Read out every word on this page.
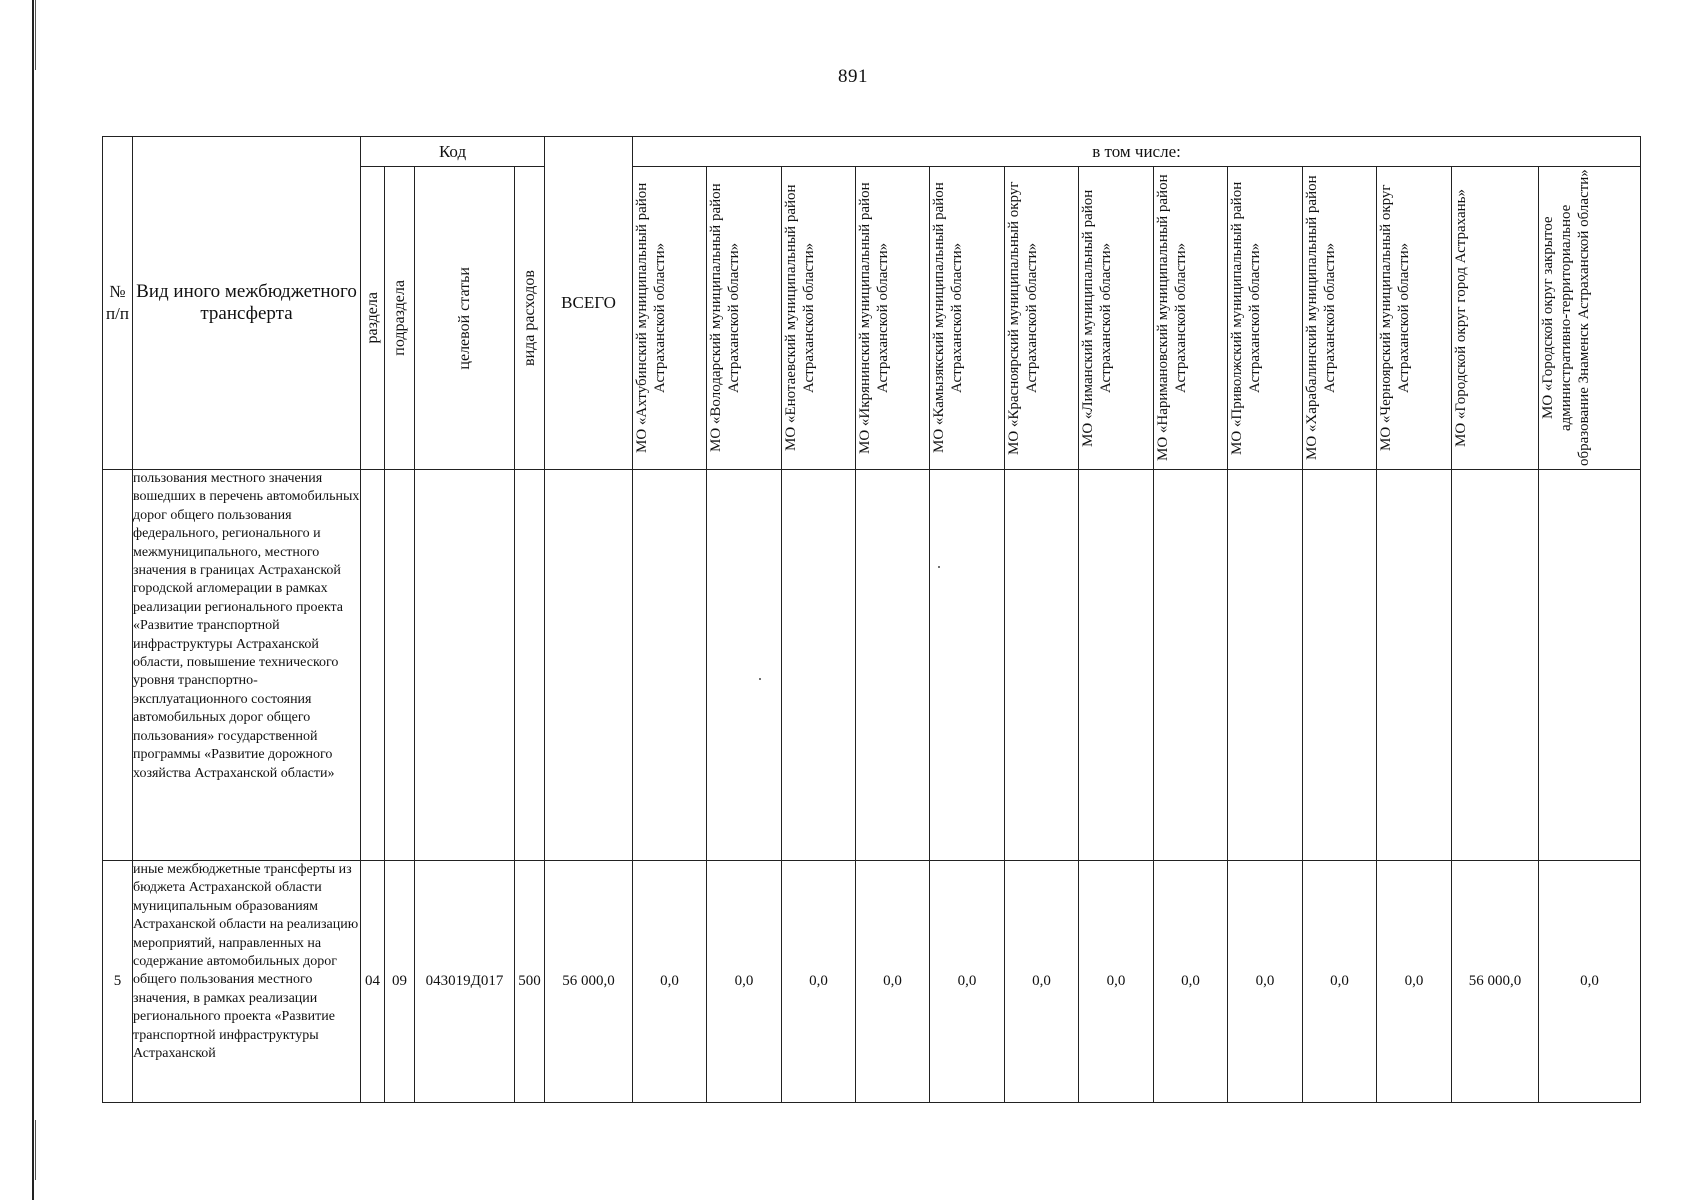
891
№ п/п	Вид иного межбюджетного трансферта	Код				ВСЕГО	в том числе:												

		раздела	подраздела	целевой статьи	вида расходов		МО «Ахтубинский муниципальный район Астраханской области»	МО «Володарский муниципальный район Астраханской области»	МО «Енотаевский муниципальный район Астраханской области»	МО «Икрянинский муниципальный район Астраханской области»	МО «Камызякский муниципальный район Астраханской области»	МО «Красноярский муниципальный округ Астраханской области»	МО «Лиманский муниципальный район Астраханской области»	МО «Наримановский муниципальный район Астраханской области»	МО «Приволжский муниципальный район Астраханской области»	МО «Харабалинский муниципальный район Астраханской области»	МО «Черноярский муниципальный округ Астраханской области»	МО «Городской округ город Астрахань»	МО «Городской округ закрытое административно-территориальное образование Знаменск Астраханской области»

	пользования местного значения вошедших в перечень автомобильных дорог общего пользования федерального, регионального и межмуниципального, местного значения в границах Астраханской городской агломерации в рамках реализации регионального проекта «Развитие транспортной инфраструктуры Астраханской области, повышение технического уровня транспортно-эксплуатационного состояния автомобильных дорог общего пользования» государственной программы «Развитие дорожного хозяйства Астраханской области»																		
5	иные межбюджетные трансферты из бюджета Астраханской области муниципальным образованиям Астраханской области на реализацию мероприятий, направленных на содержание автомобильных дорог общего пользования местного значения, в рамках реализации регионального проекта «Развитие транспортной инфраструктуры Астраханской	04	09	043019Д017	500	56 000,0	0,0	0,0	0,0	0,0	0,0	0,0	0,0	0,0	0,0	0,0	0,0	56 000,0	0,0
